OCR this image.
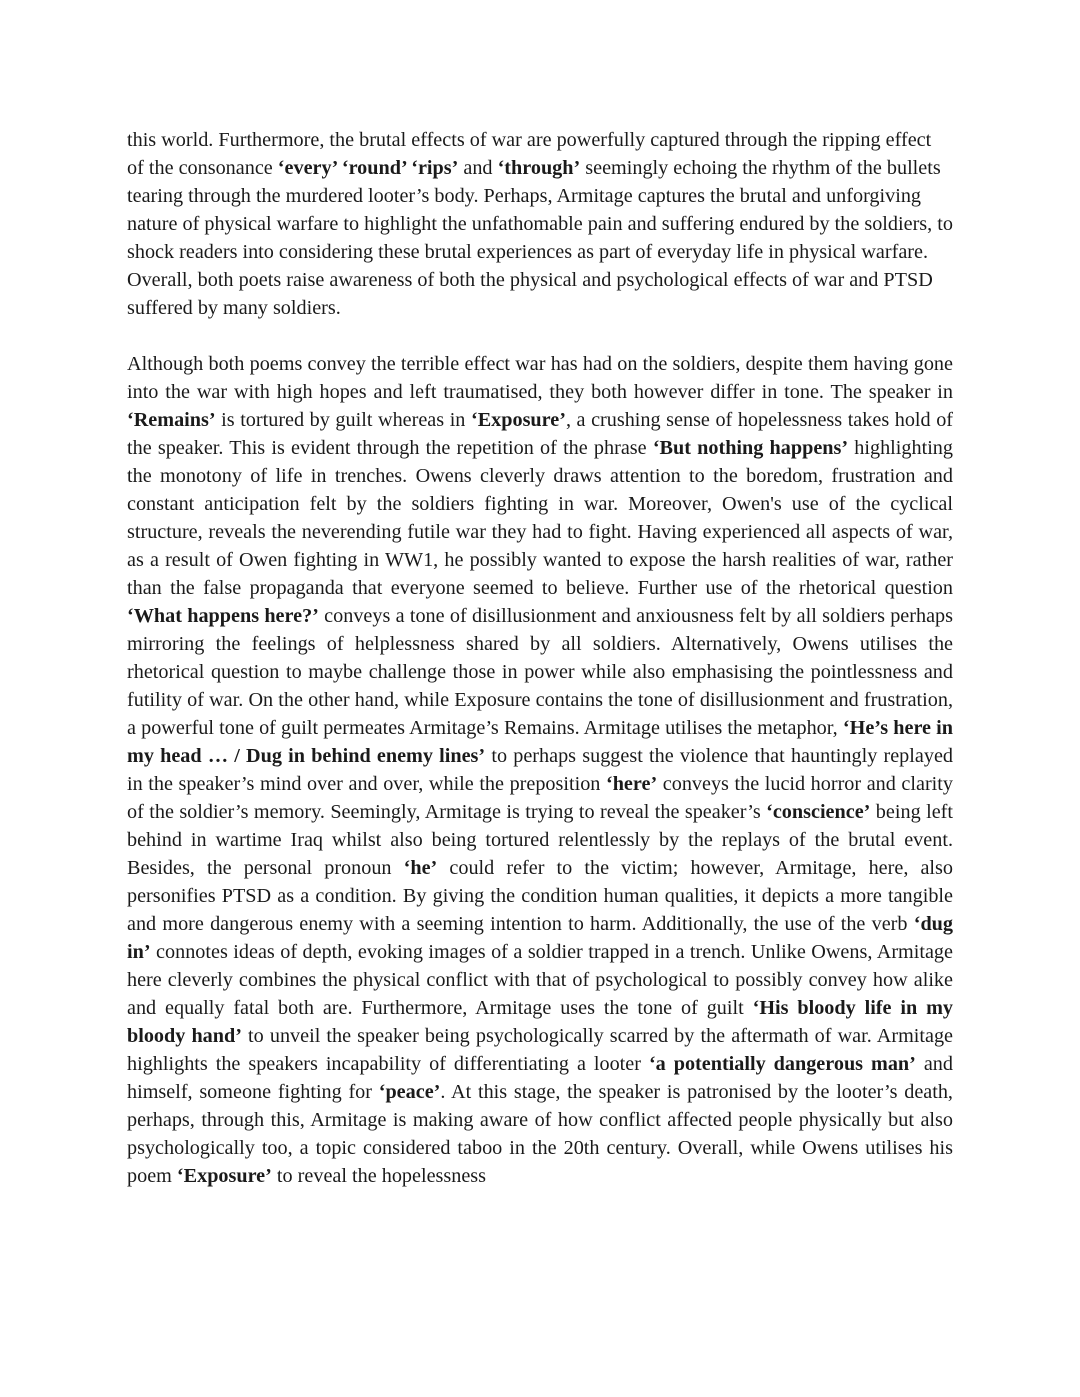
this world. Furthermore, the brutal effects of war are powerfully captured through the ripping effect of the consonance ‘every’ ‘round’ ‘rips’ and ‘through’ seemingly echoing the rhythm of the bullets tearing through the murdered looter’s body. Perhaps, Armitage captures the brutal and unforgiving nature of physical warfare to highlight the unfathomable pain and suffering endured by the soldiers, to shock readers into considering these brutal experiences as part of everyday life in physical warfare. Overall, both poets raise awareness of both the physical and psychological effects of war and PTSD suffered by many soldiers.

Although both poems convey the terrible effect war has had on the soldiers, despite them having gone into the war with high hopes and left traumatised, they both however differ in tone. The speaker in ‘Remains’ is tortured by guilt whereas in ‘Exposure’, a crushing sense of hopelessness takes hold of the speaker. This is evident through the repetition of the phrase ‘But nothing happens’ highlighting the monotony of life in trenches. Owens cleverly draws attention to the boredom, frustration and constant anticipation felt by the soldiers fighting in war. Moreover, Owen's use of the cyclical structure, reveals the neverending futile war they had to fight. Having experienced all aspects of war, as a result of Owen fighting in WW1, he possibly wanted to expose the harsh realities of war, rather than the false propaganda that everyone seemed to believe. Further use of the rhetorical question ‘What happens here?’ conveys a tone of disillusionment and anxiousness felt by all soldiers perhaps mirroring the feelings of helplessness shared by all soldiers. Alternatively, Owens utilises the rhetorical question to maybe challenge those in power while also emphasising the pointlessness and futility of war. On the other hand, while Exposure contains the tone of disillusionment and frustration, a powerful tone of guilt permeates Armitage’s Remains. Armitage utilises the metaphor, ‘He’s here in my head … / Dug in behind enemy lines’ to perhaps suggest the violence that hauntingly replayed in the speaker’s mind over and over, while the preposition ‘here’ conveys the lucid horror and clarity of the soldier’s memory. Seemingly, Armitage is trying to reveal the speaker’s ‘conscience’ being left behind in wartime Iraq whilst also being tortured relentlessly by the replays of the brutal event. Besides, the personal pronoun ‘he’ could refer to the victim; however, Armitage, here, also personifies PTSD as a condition. By giving the condition human qualities, it depicts a more tangible and more dangerous enemy with a seeming intention to harm. Additionally, the use of the verb ‘dug in’ connotes ideas of depth, evoking images of a soldier trapped in a trench. Unlike Owens, Armitage here cleverly combines the physical conflict with that of psychological to possibly convey how alike and equally fatal both are. Furthermore, Armitage uses the tone of guilt ‘His bloody life in my bloody hand’ to unveil the speaker being psychologically scarred by the aftermath of war. Armitage highlights the speakers incapability of differentiating a looter ‘a potentially dangerous man’ and himself, someone fighting for ‘peace’. At this stage, the speaker is patronised by the looter’s death, perhaps, through this, Armitage is making aware of how conflict affected people physically but also psychologically too, a topic considered taboo in the 20th century. Overall, while Owens utilises his poem ‘Exposure’ to reveal the hopelessness
